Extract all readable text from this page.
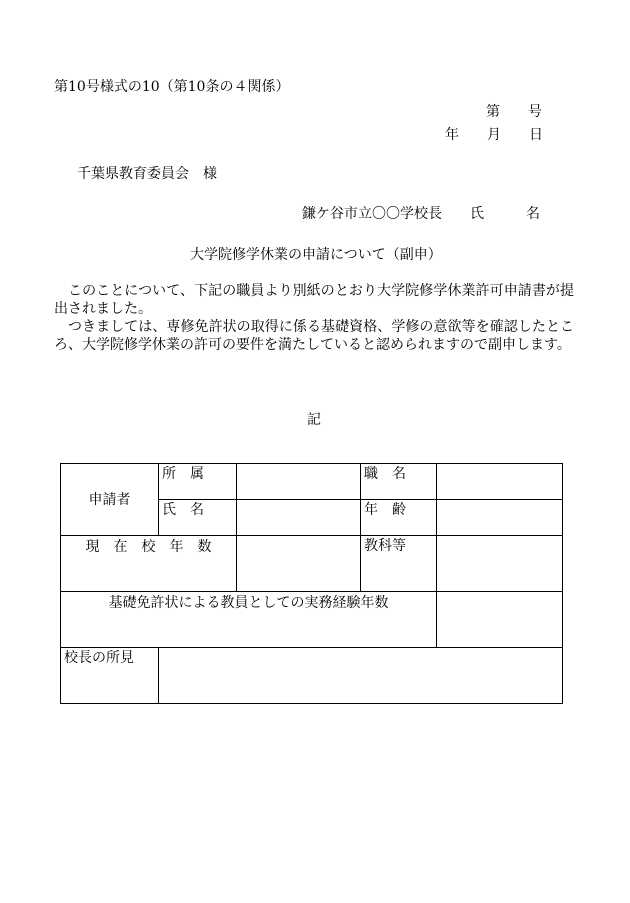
第10号様式の10（第10条の４関係）
第　　号
年　　月　　日
千葉県教育委員会　様
鎌ケ谷市立〇〇学校長　　氏　　　名
大学院修学休業の申請について（副申）

このことについて、下記の職員より別紙のとおり大学院修学休業許可申請書が提出されました。

つきましては、専修免許状の取得に係る基礎資格、学修の意欲等を確認したところ、大学院修学休業の許可の要件を満たしていると認められますので副申します。

記
申請者	所　属		職　名	
	氏　名		年　齢	
現　在　校　年　数			教科等	
基礎免許状による教員としての実務経験年数				
校長の所見				
